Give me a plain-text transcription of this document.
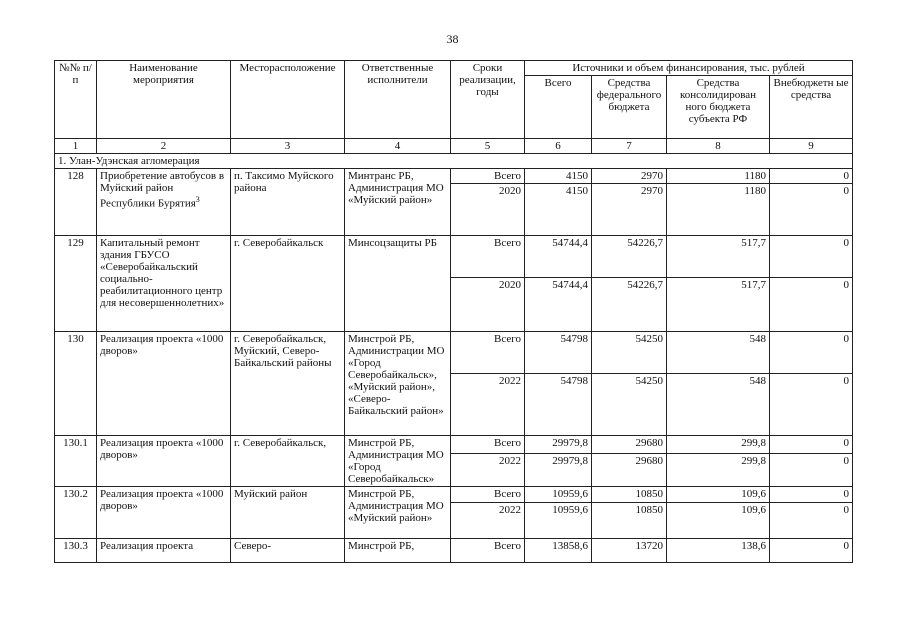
38
№№ п/п	Наименование мероприятия	Месторасположение	Ответственные исполнители	Сроки реализации, годы	Источники и объем финансирования, тыс. рублей			
					Всего	Средства федерального бюджета	Средства консолидирован ного бюджета субъекта РФ	Внебюджетн ые средства
1	2	3	4	5	6	7	8	9
1. Улан-Удэнская агломерация								
128	Приобретение автобусов в Муйский район Республики Бурятия$^3$	п. Таксимо Муйского района	Минтранс РБ, Администрация МО «Муйский район»	Всего	4150	2970	1180	0
				2020	4150	2970	1180	0
129	Капитальный ремонт здания ГБУСО «Северобайкальский социально-реабилитационного центр для несовершеннолетних»	г. Северобайкальск	Минсоцзащиты РБ	Всего	54744,4	54226,7	517,7	0
				2020	54744,4	54226,7	517,7	0
130	Реализация проекта «1000 дворов»	г. Северобайкальск, Муйский, Северо-Байкальский районы	Минстрой РБ, Администрации МО «Город Северобайкальск», «Муйский район», «Северо-Байкальский район»	Всего	54798	54250	548	0
				2022	54798	54250	548	0
130.1	Реализация проекта «1000 дворов»	г. Северобайкальск,	Минстрой РБ, Администрация МО «Город Северобайкальск»	Всего	29979,8	29680	299,8	0
				2022	29979,8	29680	299,8	0
130.2	Реализация проекта «1000 дворов»	Муйский район	Минстрой РБ, Администрация МО «Муйский район»	Всего	10959,6	10850	109,6	0
				2022	10959,6	10850	109,6	0
130.3	Реализация проекта	Северо-	Минстрой РБ,	Всего	13858,6	13720	138,6	0
